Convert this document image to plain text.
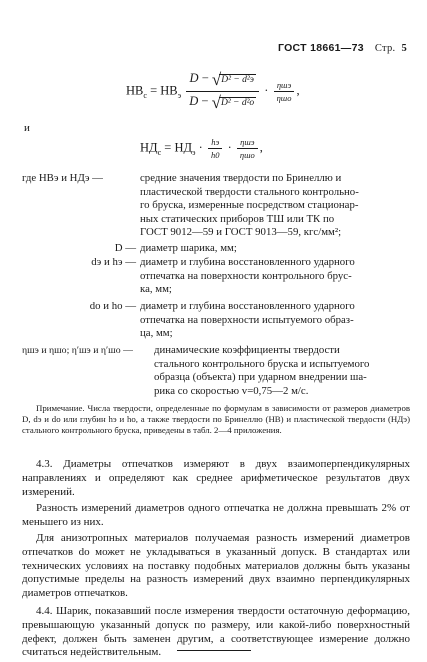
ГОСТ 18661—73 Стр. 5
$НВ_с = НВ_э \frac{\text{D − √D² − d²э}}{\text{D − √D² − d²о}} \cdot \frac{\text{ηшэ}}{\text{ηшо}}$ ,
и
$НД_с = НД_э \cdot \frac{hэ}{h0} \cdot \frac{\text{ηшэ}}{\text{ηшо}}$ ,
где НВэ и НДэ —	средние значения твердости по Бринеллю и
пластической твердости стального контрольно-
го бруска, измеренные посредством стационар-
ных статических приборов ТШ или ТК по
ГОСТ 9012—59 и ГОСТ 9013—59, кгс/мм²;
D — диаметр шарика, мм;
dэ и hэ — диаметр и глубина восстановленного ударного
отпечатка на поверхности контрольного брус-
ка, мм;
do и ho — диаметр и глубина восстановленного ударного
отпечатка на поверхности испытуемого образ-
ца, мм;
ηшэ и ηшо; η′шэ и η′шо —	динамические коэффициенты твердости
стального контрольного бруска и испытуемого
образца (объекта) при ударном внедрении ша-
рика со скоростью v=0,75—2 м/с.
Примечание. Числа твердости, определенные по формулам в зависимости от размеров диаметров D, dэ и do или глубин hэ и ho, а также твердости по Бринеллю (НВ) и пластической твердости (НДэ) стального контрольного бруска, приведены в табл. 2—4 приложения.
4.3. Диаметры отпечатков измеряют в двух взаимоперпендикулярных направлениях и определяют как среднее арифметическое результатов двух измерений.
Разность измерений диаметров одного отпечатка не должна превышать 2% от меньшего из них.
Для анизотропных материалов получаемая разность измерений диаметров отпечатков do может не укладываться в указанный допуск. В стандартах или технических условиях на поставку подобных материалов должны быть указаны допустимые пределы на разность измерений двух взаимно перпендикулярных диаметров отпечатков.
4.4. Шарик, показавший после измерения твердости остаточную деформацию, превышающую указанный допуск по размеру, или какой-либо поверхностный дефект, должен быть заменен другим, а соответствующее измерение должно считаться недействительным.
